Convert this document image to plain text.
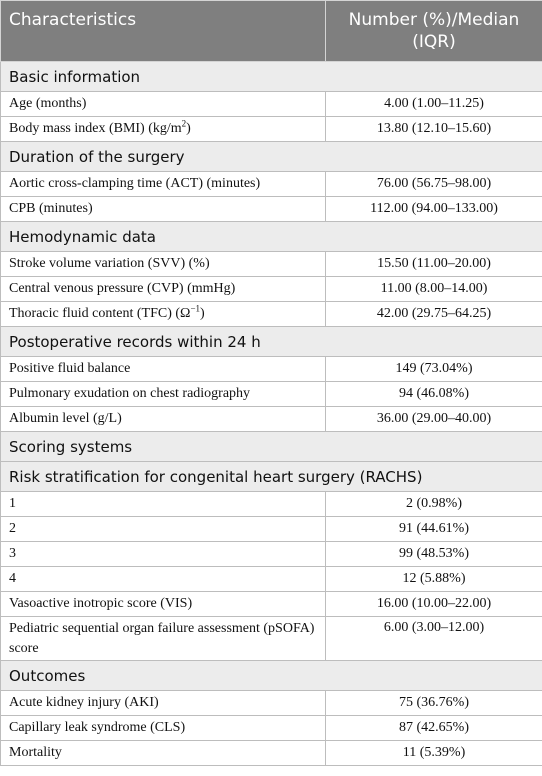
Characteristics	Number (%)/Median (IQR)
Basic information	
Age (months)	4.00 (1.00–11.25)
Body mass index (BMI) $(kg/m^2)$	13.80 (12.10–15.60)
Duration of the surgery	
Aortic cross-clamping time (ACT) (minutes)	76.00 (56.75–98.00)
CPB (minutes)	112.00 (94.00–133.00)
Hemodynamic data	
Stroke volume variation (SVV) (%)	15.50 (11.00–20.00)
Central venous pressure (CVP) (mmHg)	11.00 (8.00–14.00)
Thoracic fluid content (TFC) $(\Omega^{-1})$	42.00 (29.75–64.25)
Postoperative records within 24 h	
Positive fluid balance	149 (73.04%)
Pulmonary exudation on chest radiography	94 (46.08%)
Albumin level (g/L)	36.00 (29.00–40.00)
Scoring systems	
Risk stratification for congenital heart surgery (RACHS)	
1	2 (0.98%)
2	91 (44.61%)
3	99 (48.53%)
4	12 (5.88%)
Vasoactive inotropic score (VIS)	16.00 (10.00–22.00)
Pediatric sequential organ failure assessment (pSOFA) score	6.00 (3.00–12.00)
Outcomes	
Acute kidney injury (AKI)	75 (36.76%)
Capillary leak syndrome (CLS)	87 (42.65%)
Mortality	11 (5.39%)
